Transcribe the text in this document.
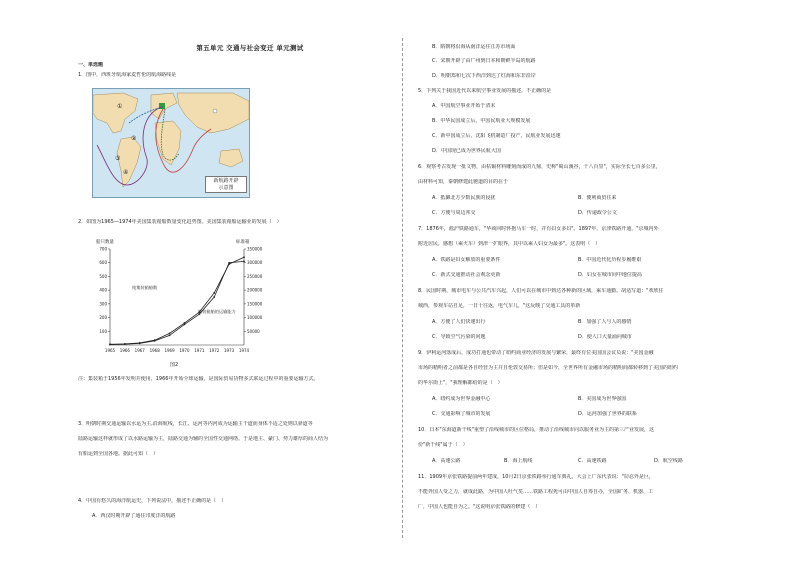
第五单元 交通与社会变迁 单元测试
一、单选题
1．图中，西班牙航海家麦哲伦的航海路线是
①
②
③
④
新航路开辟
示意图
2．如图为1965—1974年美国集装箱船数量变化趋势图。美国集装箱船运输业的发展（　）
船只数量	标准箱
700
600
500
400
300
200
100
350000
300000
250000
200000
150000
100000
50000
1965 1966 1967 1968 1969 1970 1971 1972 1973 1974
纯集装箱船数
集装箱船的运输能力
图2
注：集装箱于1956年发明并使用，1966年开始全球运输，是国际贸易货物多式联运过程中的重要运输方式。
3．明朝时期交通运输以水运为主,沿海航线，长江、运河等内河成为运输主干道而身体不适之处则以驿道等
陆路运输这样就形成了以水路运输为主，陆路交通为辅的全国性交通网络。于是地主、豪门、势力雄厚的商人结为
有船运到全国各地。据此可知（　）
4．中国有悠久的海洋航运史，下列说法中，描述不正确的是（　）
A．西汉时期开辟了通往印度洋的航路
B．隋朝将沿海从南洋运往江苏市场面
C．宋朝开辟了由广州到日本和朝鲜半岛的航路
D．明朝郑和七次下西洋到达了红海和东非沿岸
5．下列关于我国近代以来航空事业发展的描述，不正确的是
A．中国航空事业开始于清末
B．中华民国成立后，中国民航业大规模发展
C．新中国成立后，沈阳飞机制造厂投产，民航业发展迅速
D．中国现已成为世界民航大国
6．观察考古发现一批文物，由枯铜材料雕刻而成的九鼎，史称"蜀山溪谷，千八百里"，实际全长七百多公里，
由材料可知，秦朝修建此驰道的目的在于
A．抵御北方少数民族的侵扰	B．便利商贸往来
C．方便与周边邦交	D．传递政令公文
7．1876年，淞沪铁路通车，"华商同时怀抱马车一时，并有妇女多妇"。1897年，京津铁路开通，"京城内外
附近居民，感想（乘火车）到津一扩眼界，其中以乘人妇女为最多"。这表明（　）
A．铁路是妇女解放的重要条件	B．中国近代化历程步履维艰
C．新式交通推动社会观念更新	D．妇女在城市间中地位提高
8．民国时期，城市电车与公共汽车兴起，人们可以在城市中到达各种新的区域，乘车通勤。胡适写道："欢欣往
城西，参观车站自足，一日十往返，电气车儿，"这反映了交通工具的革新
A．方便了人们快速出行	B．加强了人与人的感情
C．导致空气污染的问题	D．使人口大量涌向城市
9．伊利运河落成后，成功打通也带动了纽约商业经济的发展与繁荣，最终有位美国国会议员说："美国金融
市场的精明者之前都是各自经营为主并且伦敦交易所；但是如今，全世界所有金融市场的精明商都转移到了美国的纽约
的华尔街上"，"我理解都给的是（　）
A．纽约成为世界金融中心	B．美国成为世界强国
C．交通影响了城市的发展	D．运河加强了世界的联系
10．日本"东海道新干线"重塑了沿线城市的区位格局，推动了沿线城市向以服务业为主的第三产业发展，这
份"新干线"属于（　）
A．高速公路	B．海上航线	C．高速铁路	D．航空线路
11．1909年京张铁路提前两年建成，10月2日京张铁路举行通车典礼，大会上广东代表说："窃忍外是巨，
不能外国人受之力，就成此路，为中国人吐气矣……铁路工程死可由中国人自筹自办，全国矿务、机器、工
厂，中国人也能自为之。"这说明京张铁路的修建（　）
